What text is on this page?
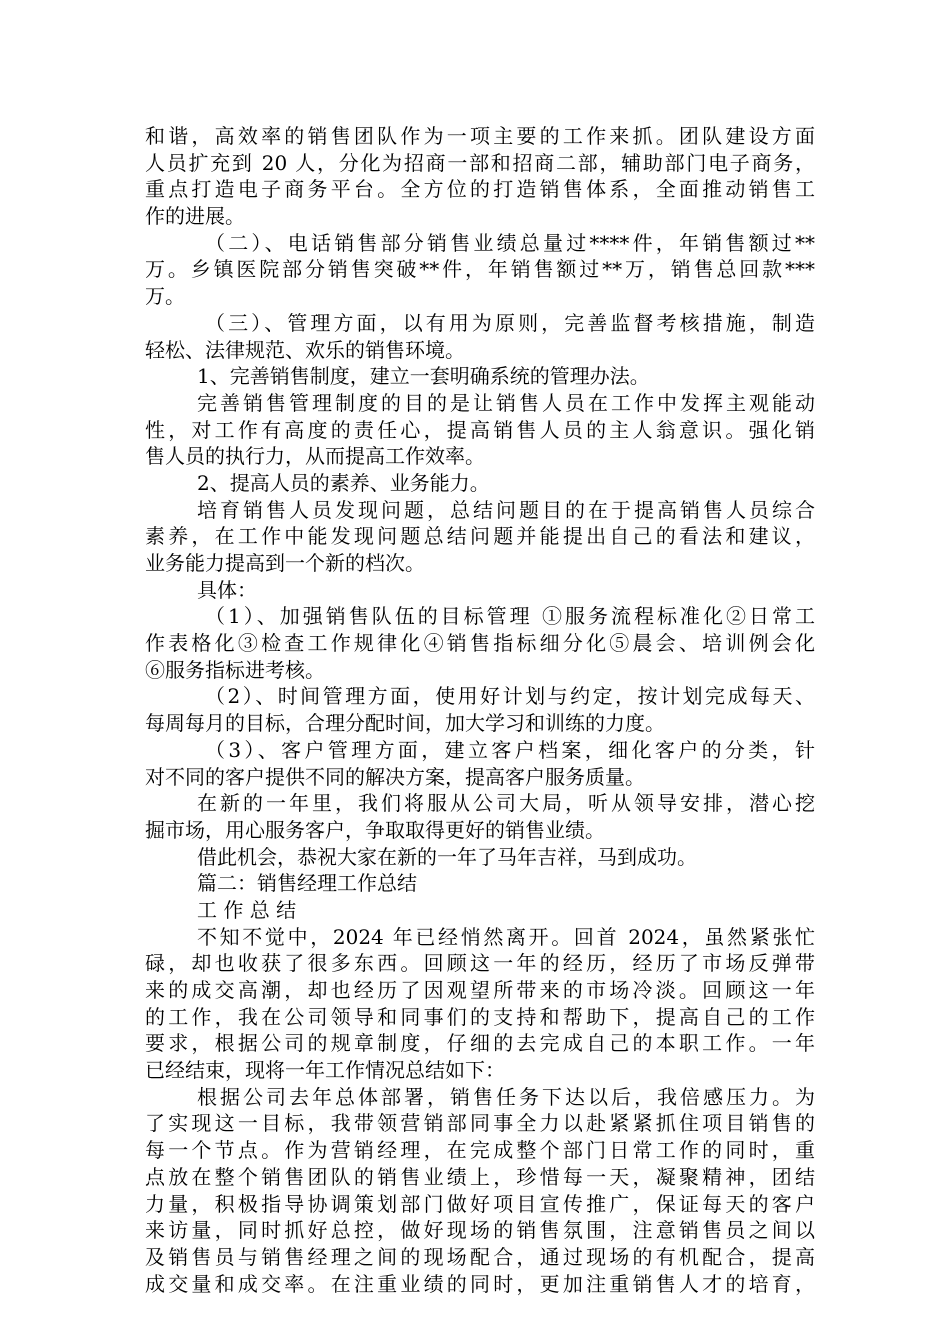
和谐，高效率的销售团队作为一项主要的工作来抓。团队建设方面
人员扩充到 20 人，分化为招商一部和招商二部，辅助部门电子商务，
重点打造电子商务平台。全方位的打造销售体系，全面推动销售工
作的进展。
（二）、电话销售部分销售业绩总量过****件，年销售额过**
万。乡镇医院部分销售突破**件，年销售额过**万，销售总回款***
万。
（三）、管理方面，以有用为原则，完善监督考核措施，制造
轻松、法律规范、欢乐的销售环境。
1、完善销售制度，建立一套明确系统的管理办法。
完善销售管理制度的目的是让销售人员在工作中发挥主观能动
性，对工作有高度的责任心，提高销售人员的主人翁意识。强化销
售人员的执行力，从而提高工作效率。
2、提高人员的素养、业务能力。
培育销售人员发现问题，总结问题目的在于提高销售人员综合
素养，在工作中能发现问题总结问题并能提出自己的看法和建议，
业务能力提高到一个新的档次。
具体：
（1）、加强销售队伍的目标管理 ①服务流程标准化②日常工
作表格化③检查工作规律化④销售指标细分化⑤晨会、培训例会化
⑥服务指标进考核。
（2）、时间管理方面，使用好计划与约定，按计划完成每天、
每周每月的目标，合理分配时间，加大学习和训练的力度。
（3）、客户管理方面，建立客户档案，细化客户的分类，针
对不同的客户提供不同的解决方案，提高客户服务质量。
在新的一年里，我们将服从公司大局，听从领导安排，潜心挖
掘市场，用心服务客户，争取取得更好的销售业绩。
借此机会，恭祝大家在新的一年了马年吉祥，马到成功。
篇二：销售经理工作总结
工 作 总 结
不知不觉中，2024 年已经悄然离开。回首 2024，虽然紧张忙
碌，却也收获了很多东西。回顾这一年的经历，经历了市场反弹带
来的成交高潮，却也经历了因观望所带来的市场冷淡。回顾这一年
的工作，我在公司领导和同事们的支持和帮助下，提高自己的工作
要求，根据公司的规章制度，仔细的去完成自己的本职工作。一年
已经结束，现将一年工作情况总结如下：
根据公司去年总体部署，销售任务下达以后，我倍感压力。为
了实现这一目标，我带领营销部同事全力以赴紧紧抓住项目销售的
每一个节点。作为营销经理，在完成整个部门日常工作的同时，重
点放在整个销售团队的销售业绩上，珍惜每一天，凝聚精神，团结
力量，积极指导协调策划部门做好项目宣传推广，保证每天的客户
来访量，同时抓好总控，做好现场的销售氛围，注意销售员之间以
及销售员与销售经理之间的现场配合，通过现场的有机配合，提高
成交量和成交率。在注重业绩的同时，更加注重销售人才的培育，
